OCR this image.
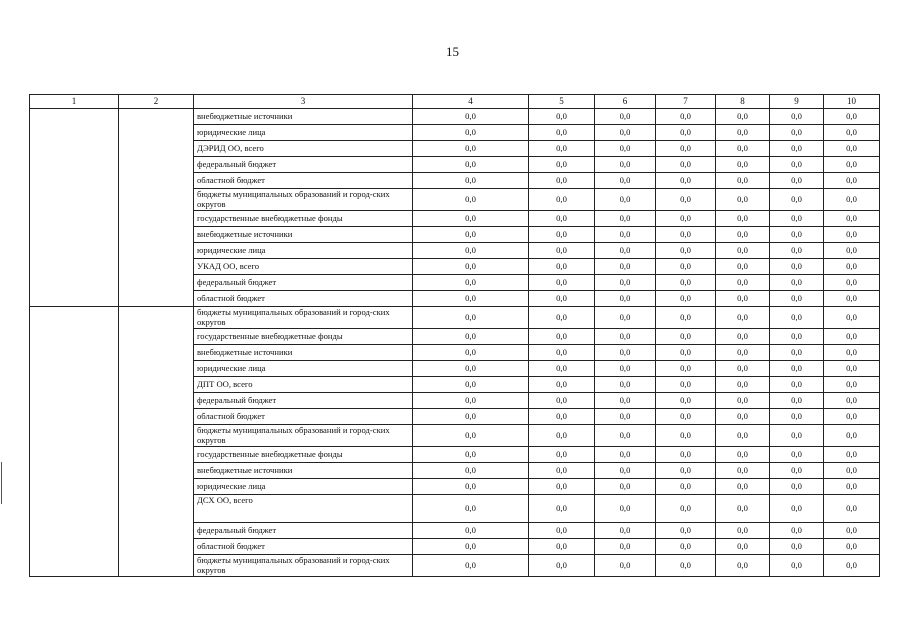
15
1	2	3	4	5	6	7	8	9	10
		внебюджетные источники	0,0	0,0	0,0	0,0	0,0	0,0	0,0
		юридические лица	0,0	0,0	0,0	0,0	0,0	0,0	0,0
		ДЭРИД ОО, всего	0,0	0,0	0,0	0,0	0,0	0,0	0,0
		федеральный бюджет	0,0	0,0	0,0	0,0	0,0	0,0	0,0
		областной бюджет	0,0	0,0	0,0	0,0	0,0	0,0	0,0
		бюджеты муниципальных образований и город-ских округов	0,0	0,0	0,0	0,0	0,0	0,0	0,0
		государственные внебюджетные фонды	0,0	0,0	0,0	0,0	0,0	0,0	0,0
		внебюджетные источники	0,0	0,0	0,0	0,0	0,0	0,0	0,0
		юридические лица	0,0	0,0	0,0	0,0	0,0	0,0	0,0
		УКАД ОО, всего	0,0	0,0	0,0	0,0	0,0	0,0	0,0
		федеральный бюджет	0,0	0,0	0,0	0,0	0,0	0,0	0,0
		областной бюджет	0,0	0,0	0,0	0,0	0,0	0,0	0,0
		бюджеты муниципальных образований и город-ских округов	0,0	0,0	0,0	0,0	0,0	0,0	0,0
		государственные внебюджетные фонды	0,0	0,0	0,0	0,0	0,0	0,0	0,0
		внебюджетные источники	0,0	0,0	0,0	0,0	0,0	0,0	0,0
		юридические лица	0,0	0,0	0,0	0,0	0,0	0,0	0,0
		ДПТ ОО, всего	0,0	0,0	0,0	0,0	0,0	0,0	0,0
		федеральный бюджет	0,0	0,0	0,0	0,0	0,0	0,0	0,0
		областной бюджет	0,0	0,0	0,0	0,0	0,0	0,0	0,0
		бюджеты муниципальных образований и город-ских округов	0,0	0,0	0,0	0,0	0,0	0,0	0,0
		государственные внебюджетные фонды	0,0	0,0	0,0	0,0	0,0	0,0	0,0
		внебюджетные источники	0,0	0,0	0,0	0,0	0,0	0,0	0,0
		юридические лица	0,0	0,0	0,0	0,0	0,0	0,0	0,0
		ДСХ ОО, всего	0,0	0,0	0,0	0,0	0,0	0,0	0,0
		федеральный бюджет	0,0	0,0	0,0	0,0	0,0	0,0	0,0
		областной бюджет	0,0	0,0	0,0	0,0	0,0	0,0	0,0
		бюджеты муниципальных образований и город-ских округов	0,0	0,0	0,0	0,0	0,0	0,0	0,0
